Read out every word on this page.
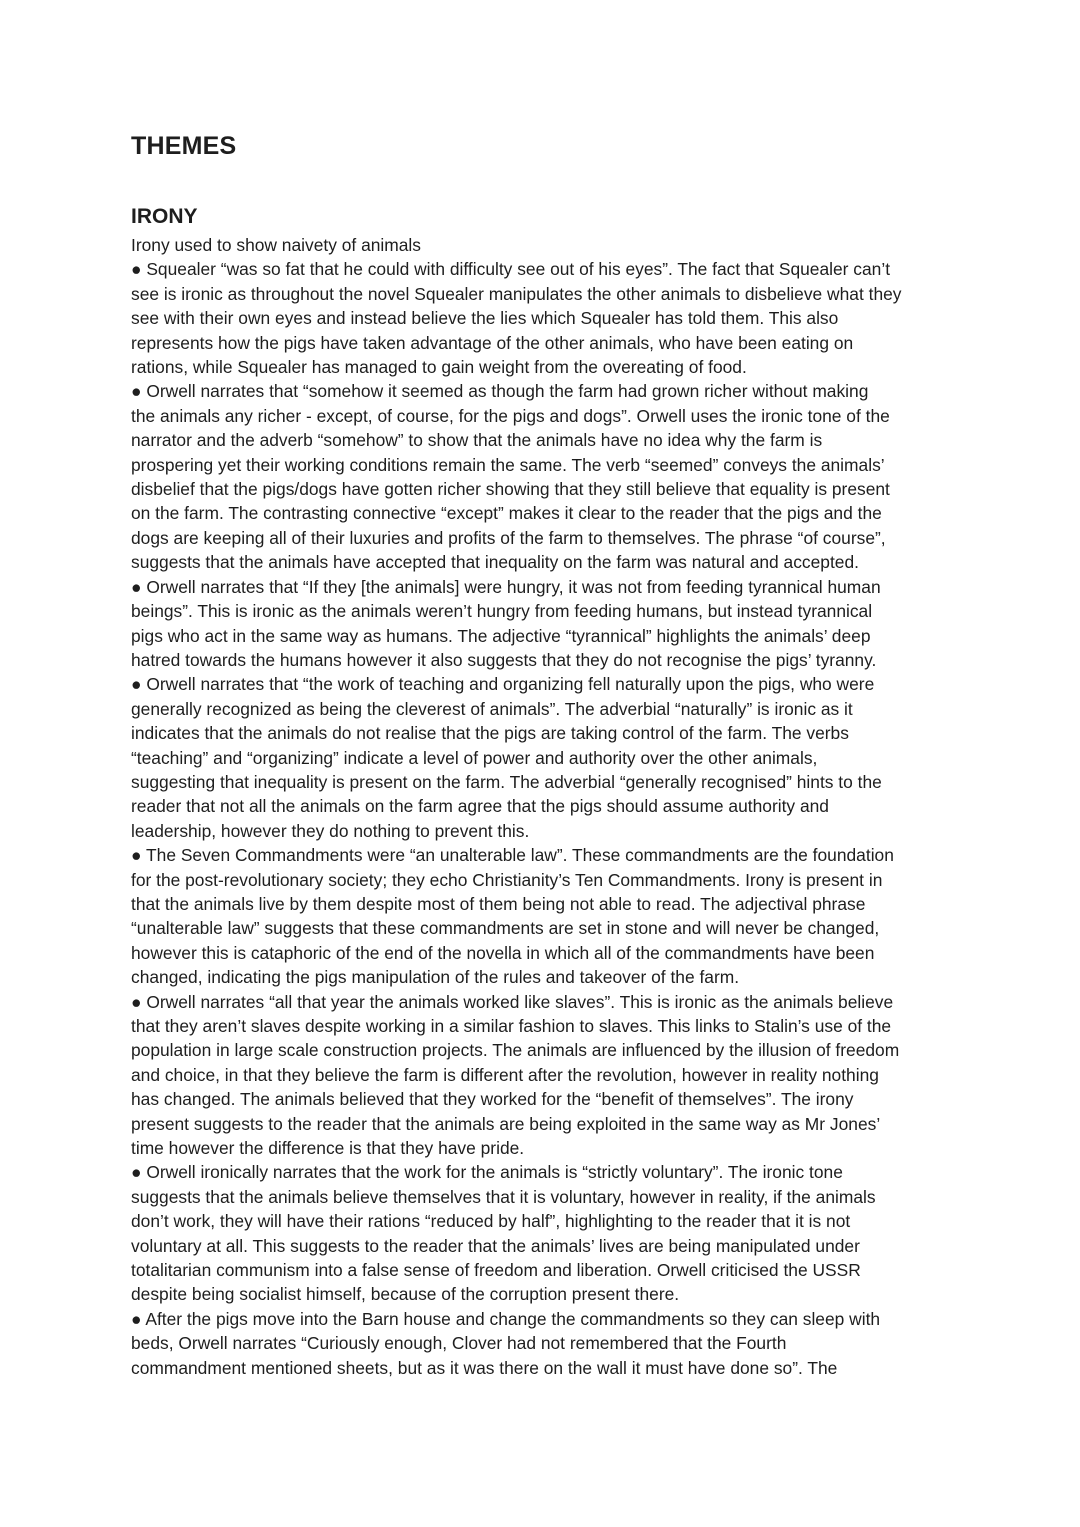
THEMES
IRONY

Irony used to show naivety of animals

● Squealer “was so fat that he could with difficulty see out of his eyes”. The fact that Squealer can’t

see is ironic as throughout the novel Squealer manipulates the other animals to disbelieve what they

see with their own eyes and instead believe the lies which Squealer has told them. This also

represents how the pigs have taken advantage of the other animals, who have been eating on

rations, while Squealer has managed to gain weight from the overeating of food.

● Orwell narrates that “somehow it seemed as though the farm had grown richer without making

the animals any richer - except, of course, for the pigs and dogs”. Orwell uses the ironic tone of the

narrator and the adverb “somehow” to show that the animals have no idea why the farm is

prospering yet their working conditions remain the same. The verb “seemed” conveys the animals’

disbelief that the pigs/dogs have gotten richer showing that they still believe that equality is present

on the farm. The contrasting connective “except” makes it clear to the reader that the pigs and the

dogs are keeping all of their luxuries and profits of the farm to themselves. The phrase “of course”,

suggests that the animals have accepted that inequality on the farm was natural and accepted.

● Orwell narrates that “If they [the animals] were hungry, it was not from feeding tyrannical human

beings”. This is ironic as the animals weren’t hungry from feeding humans, but instead tyrannical

pigs who act in the same way as humans. The adjective “tyrannical” highlights the animals’ deep

hatred towards the humans however it also suggests that they do not recognise the pigs’ tyranny.

● Orwell narrates that “the work of teaching and organizing fell naturally upon the pigs, who were

generally recognized as being the cleverest of animals”. The adverbial “naturally” is ironic as it

indicates that the animals do not realise that the pigs are taking control of the farm. The verbs

“teaching” and “organizing” indicate a level of power and authority over the other animals,

suggesting that inequality is present on the farm. The adverbial “generally recognised” hints to the

reader that not all the animals on the farm agree that the pigs should assume authority and

leadership, however they do nothing to prevent this.

● The Seven Commandments were “an unalterable law”. These commandments are the foundation

for the post-revolutionary society; they echo Christianity’s Ten Commandments. Irony is present in

that the animals live by them despite most of them being not able to read. The adjectival phrase

“unalterable law” suggests that these commandments are set in stone and will never be changed,

however this is cataphoric of the end of the novella in which all of the commandments have been

changed, indicating the pigs manipulation of the rules and takeover of the farm.

● Orwell narrates “all that year the animals worked like slaves”. This is ironic as the animals believe

that they aren’t slaves despite working in a similar fashion to slaves. This links to Stalin’s use of the

population in large scale construction projects. The animals are influenced by the illusion of freedom

and choice, in that they believe the farm is different after the revolution, however in reality nothing

has changed. The animals believed that they worked for the “benefit of themselves”. The irony

present suggests to the reader that the animals are being exploited in the same way as Mr Jones’

time however the difference is that they have pride.

● Orwell ironically narrates that the work for the animals is “strictly voluntary”. The ironic tone

suggests that the animals believe themselves that it is voluntary, however in reality, if the animals

don’t work, they will have their rations “reduced by half”, highlighting to the reader that it is not

voluntary at all. This suggests to the reader that the animals’ lives are being manipulated under

totalitarian communism into a false sense of freedom and liberation. Orwell criticised the USSR

despite being socialist himself, because of the corruption present there.

● After the pigs move into the Barn house and change the commandments so they can sleep with

beds, Orwell narrates “Curiously enough, Clover had not remembered that the Fourth

commandment mentioned sheets, but as it was there on the wall it must have done so”. The
